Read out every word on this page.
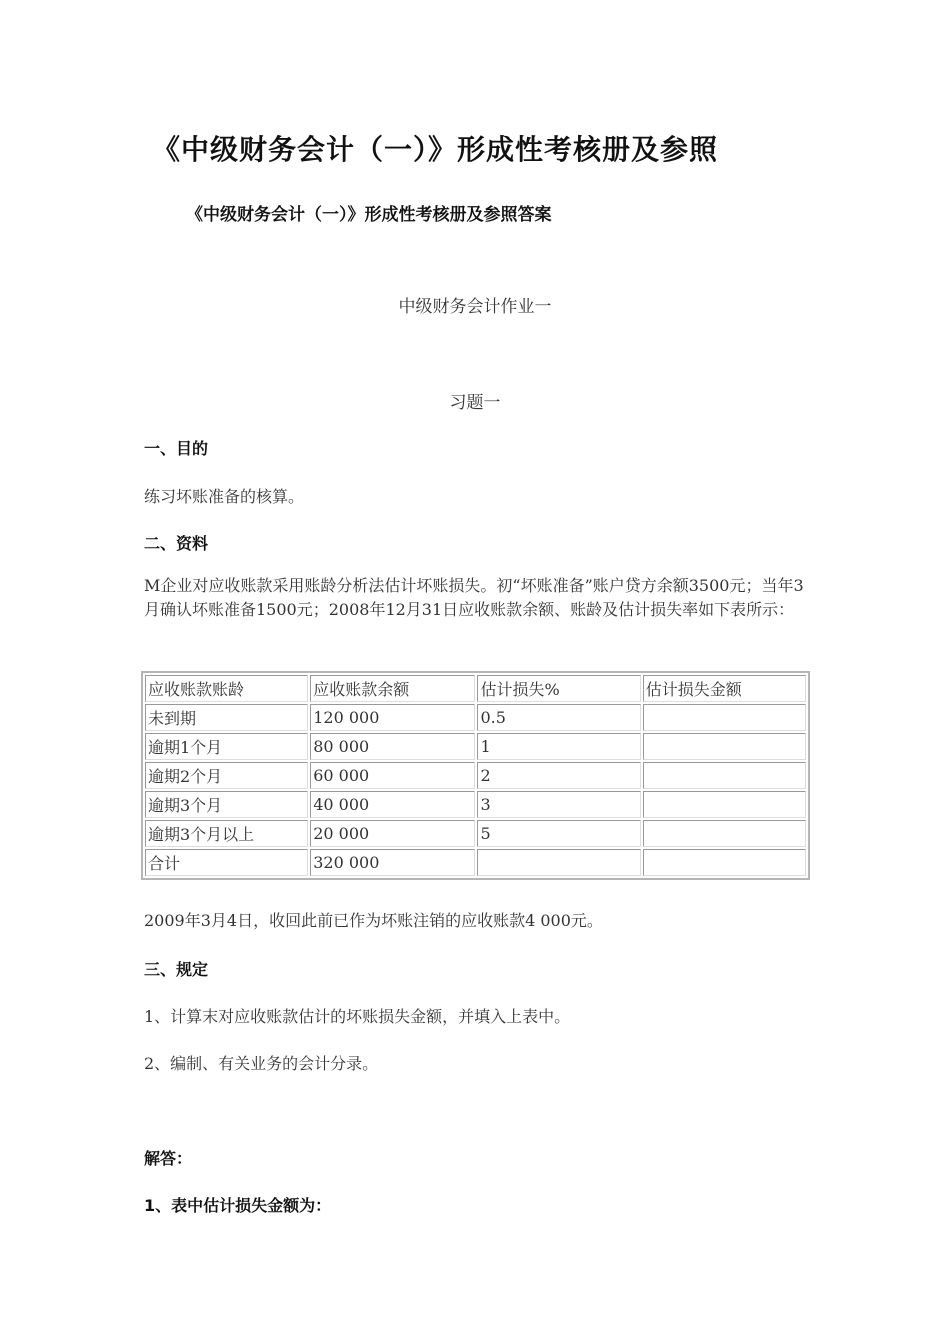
《中级财务会计（一）》形成性考核册及参照
《中级财务会计（一）》形成性考核册及参照答案
中级财务会计作业一
习题一
一、目的
练习坏账准备的核算。
二、资料
M企业对应收账款采用账龄分析法估计坏账损失。初“坏账准备”账户贷方余额3500元；当年3月确认坏账准备1500元；2008年12月31日应收账款余额、账龄及估计损失率如下表所示：
应收账款账龄	应收账款余额	估计损失%	估计损失金额
未到期	120 000	0.5	
逾期1个月	80 000	1	
逾期2个月	60 000	2	
逾期3个月	40 000	3	
逾期3个月以上	20 000	5	
合计	320 000		
2009年3月4日，收回此前已作为坏账注销的应收账款4 000元。
三、规定
1、计算末对应收账款估计的坏账损失金额，并填入上表中。
2、编制、有关业务的会计分录。
解答：
1、表中估计损失金额为：
